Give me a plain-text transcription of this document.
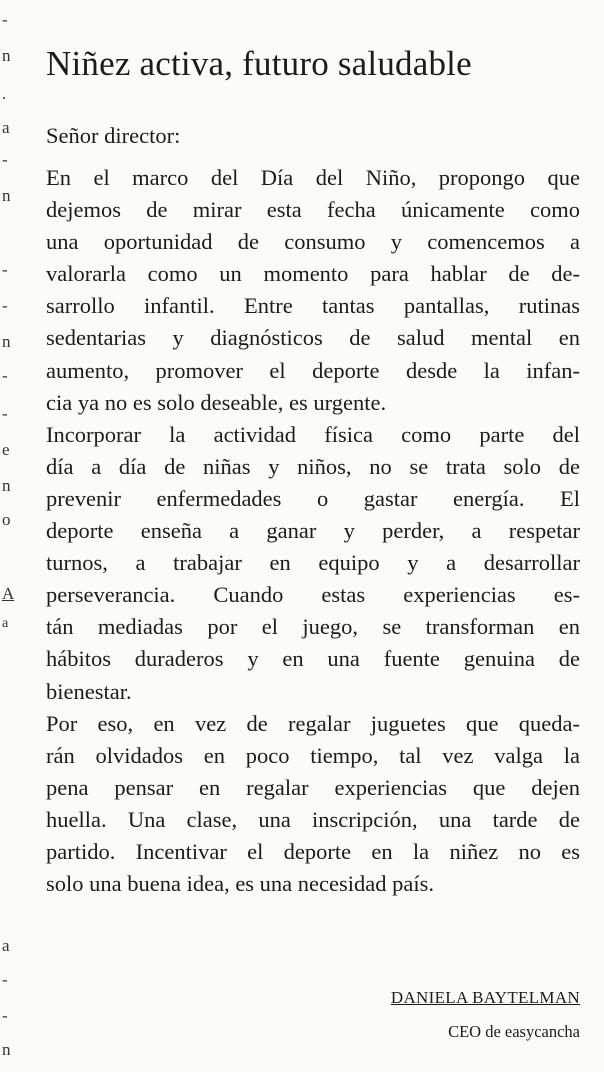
-
n
.
a
-
n
-
-
n
-
-
e
n
o
A
a
a
-
-
n
Niñez activa, futuro saludable

Señor director:

En el marco del Día del Niño, propongo que
dejemos de mirar esta fecha únicamente como
una oportunidad de consumo y comencemos a
valorarla como un momento para hablar de de-
sarrollo infantil. Entre tantas pantallas, rutinas
sedentarias y diagnósticos de salud mental en
aumento, promover el deporte desde la infan-
cia ya no es solo deseable, es urgente.
Incorporar la actividad física como parte del
día a día de niñas y niños, no se trata solo de
prevenir enfermedades o gastar energía. El
deporte enseña a ganar y perder, a respetar
turnos, a trabajar en equipo y a desarrollar
perseverancia. Cuando estas experiencias es-
tán mediadas por el juego, se transforman en
hábitos duraderos y en una fuente genuina de
bienestar.
Por eso, en vez de regalar juguetes que queda-
rán olvidados en poco tiempo, tal vez valga la
pena pensar en regalar experiencias que dejen
huella. Una clase, una inscripción, una tarde de
partido. Incentivar el deporte en la niñez no es
solo una buena idea, es una necesidad país.
DANIELA BAYTELMAN
CEO de easycancha
